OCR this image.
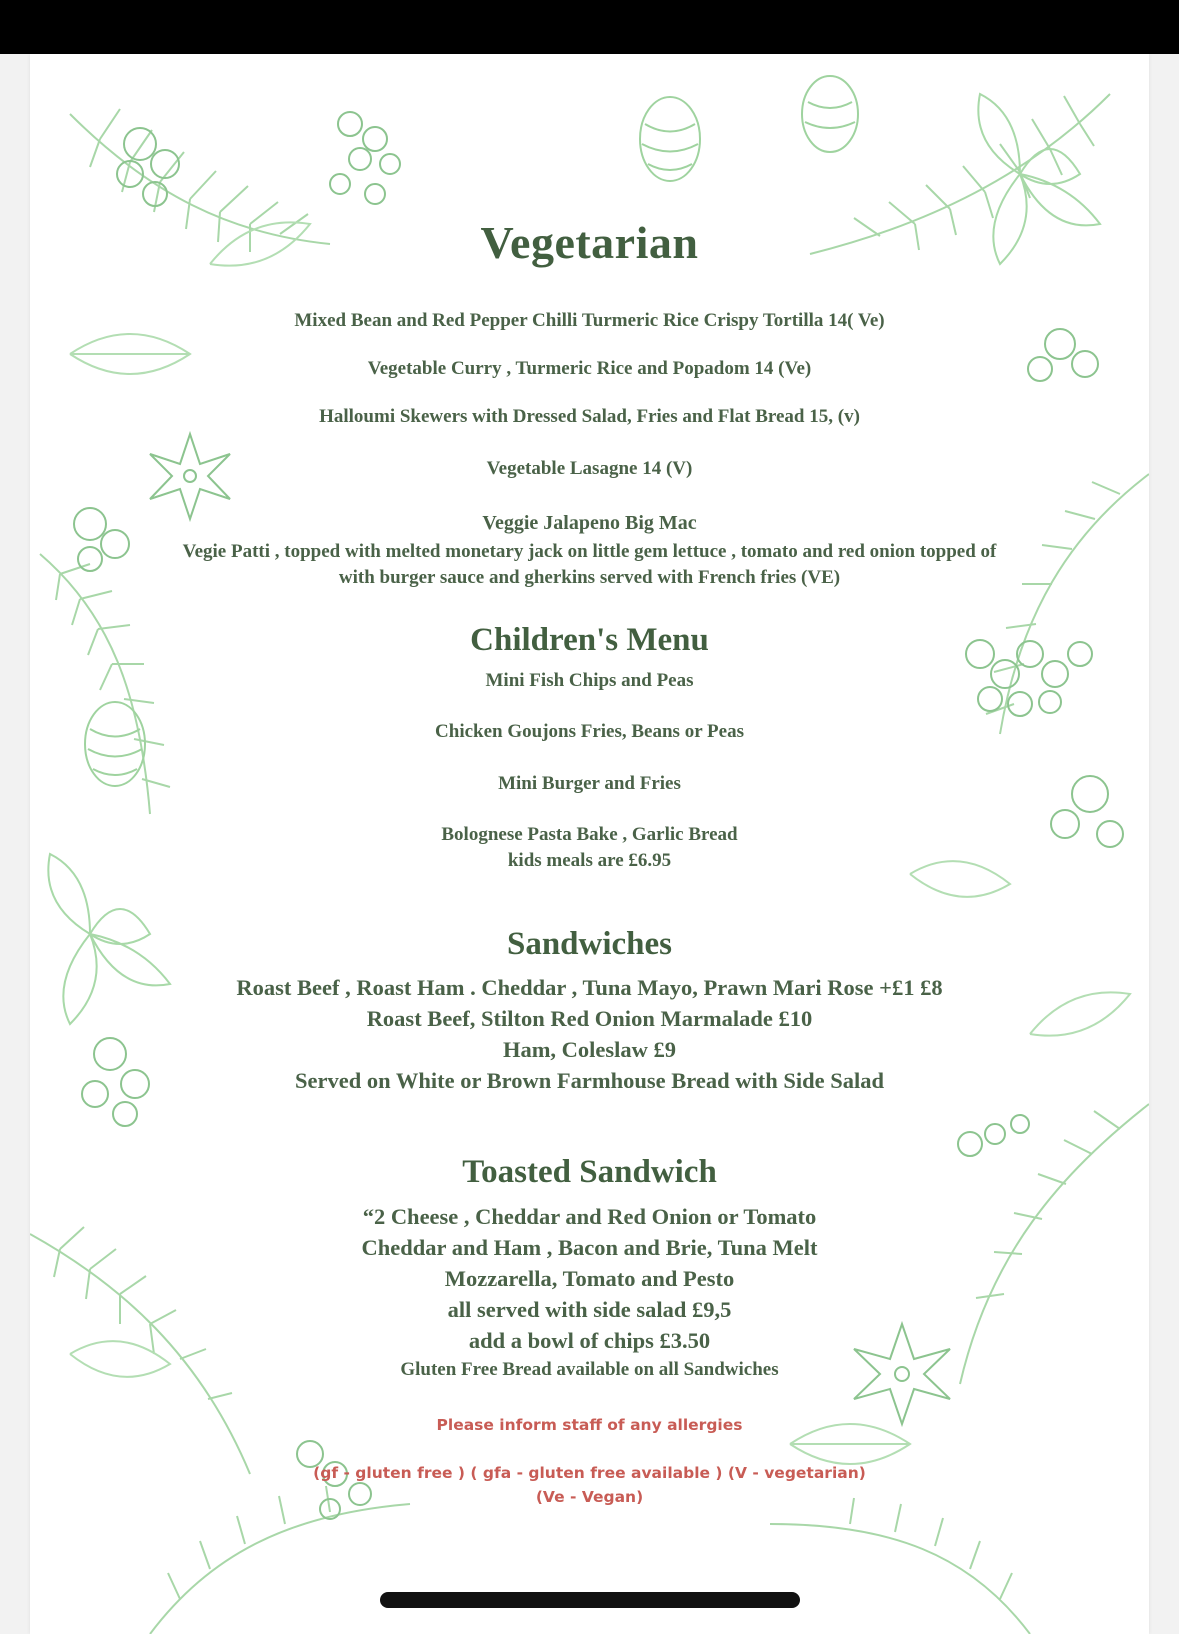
Vegetarian
Mixed Bean and Red Pepper Chilli Turmeric Rice Crispy Tortilla 14( Ve)
Vegetable Curry , Turmeric Rice and Popadom 14 (Ve)
Halloumi Skewers with Dressed Salad, Fries and Flat Bread 15, (v)
Vegetable Lasagne 14 (V)
Veggie Jalapeno Big Mac
Vegie Patti , topped with melted monetary jack on little gem lettuce , tomato and red onion topped of
with burger sauce and gherkins served with French fries (VE)
Children's Menu
Mini Fish Chips and Peas
Chicken Goujons Fries, Beans or Peas
Mini Burger and Fries
Bolognese Pasta Bake , Garlic Bread
kids meals are £6.95
Sandwiches
Roast Beef , Roast Ham . Cheddar , Tuna Mayo, Prawn Mari Rose +£1 £8
Roast Beef, Stilton Red Onion Marmalade £10
Ham, Coleslaw £9
Served on White or Brown Farmhouse Bread with Side Salad
Toasted Sandwich
“2 Cheese , Cheddar and Red Onion or Tomato
Cheddar and Ham , Bacon and Brie, Tuna Melt
Mozzarella, Tomato and Pesto
all served with side salad £9,5
add a bowl of chips £3.50
Gluten Free Bread available on all Sandwiches
Please inform staff of any allergies
(gf - gluten free ) ( gfa - gluten free available ) (V - vegetarian)
(Ve - Vegan)
